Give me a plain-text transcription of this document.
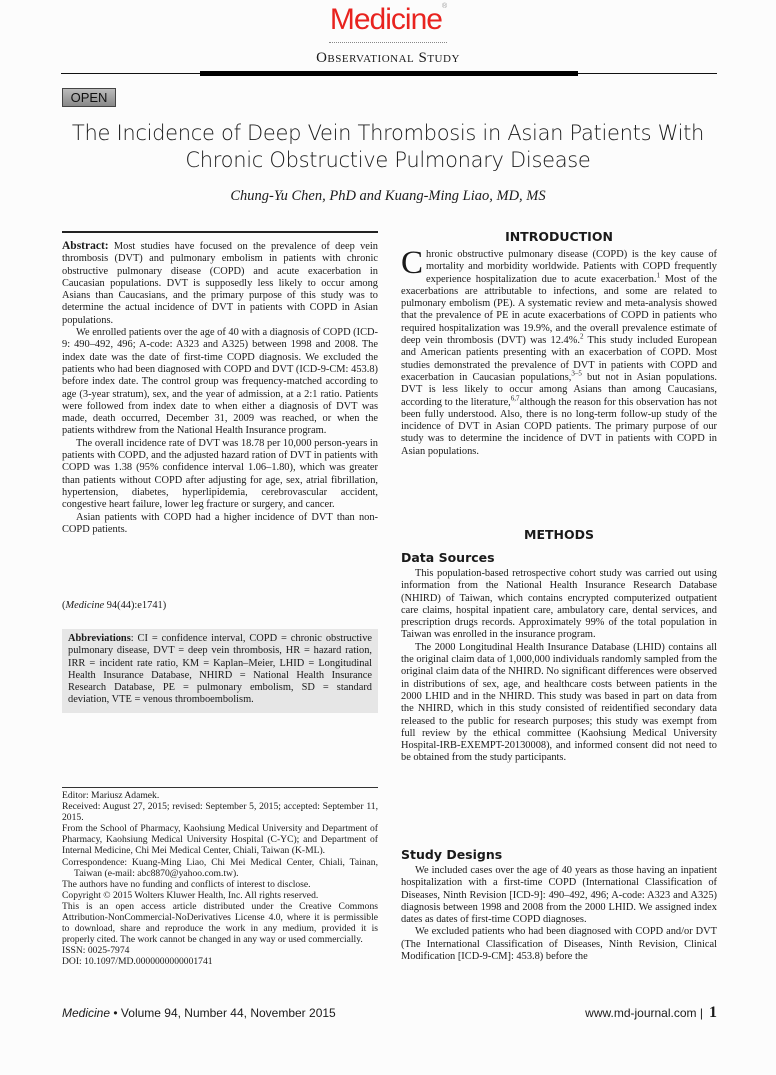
Medicine®
Observational Study
OPEN
The Incidence of Deep Vein Thrombosis in Asian Patients With Chronic Obstructive Pulmonary Disease
Chung-Yu Chen, PhD and Kuang-Ming Liao, MD, MS

Abstract: Most studies have focused on the prevalence of deep vein thrombosis (DVT) and pulmonary embolism in patients with chronic obstructive pulmonary disease (COPD) and acute exacerbation in Caucasian populations. DVT is supposedly less likely to occur among Asians than Caucasians, and the primary purpose of this study was to determine the actual incidence of DVT in patients with COPD in Asian populations.

We enrolled patients over the age of 40 with a diagnosis of COPD (ICD-9: 490–492, 496; A-code: A323 and A325) between 1998 and 2008. The index date was the date of first-time COPD diagnosis. We excluded the patients who had been diagnosed with COPD and DVT (ICD-9-CM: 453.8) before index date. The control group was frequency-matched according to age (3-year stratum), sex, and the year of admission, at a 2:1 ratio. Patients were followed from index date to when either a diagnosis of DVT was made, death occurred, December 31, 2009 was reached, or when the patients withdrew from the National Health Insurance program.

The overall incidence rate of DVT was 18.78 per 10,000 person-years in patients with COPD, and the adjusted hazard ration of DVT in patients with COPD was 1.38 (95% confidence interval 1.06–1.80), which was greater than patients without COPD after adjusting for age, sex, atrial fibrillation, hypertension, diabetes, hyperlipidemia, cerebrovascular accident, congestive heart failure, lower leg fracture or surgery, and cancer.

Asian patients with COPD had a higher incidence of DVT than non-COPD patients.

(Medicine 94(44):e1741)
Abbreviations: CI = confidence interval, COPD = chronic obstructive pulmonary disease, DVT = deep vein thrombosis, HR = hazard ration, IRR = incident rate ratio, KM = Kaplan–Meier, LHID = Longitudinal Health Insurance Database, NHIRD = National Health Insurance Research Database, PE = pulmonary embolism, SD = standard deviation, VTE = venous thromboembolism.
Editor: Mariusz Adamek.
Received: August 27, 2015; revised: September 5, 2015; accepted: September 11, 2015.
From the School of Pharmacy, Kaohsiung Medical University and Department of Pharmacy, Kaohsiung Medical University Hospital (C-YC); and Department of Internal Medicine, Chi Mei Medical Center, Chiali, Taiwan (K-ML).
Correspondence: Kuang-Ming Liao, Chi Mei Medical Center, Chiali, Tainan, Taiwan (e-mail: abc8870@yahoo.com.tw).
The authors have no funding and conflicts of interest to disclose.
Copyright © 2015 Wolters Kluwer Health, Inc. All rights reserved.
This is an open access article distributed under the Creative Commons Attribution-NonCommercial-NoDerivatives License 4.0, where it is permissible to download, share and reproduce the work in any medium, provided it is properly cited. The work cannot be changed in any way or used commercially.
ISSN: 0025-7974
DOI: 10.1097/MD.0000000000001741
INTRODUCTION

Chronic obstructive pulmonary disease (COPD) is the key cause of mortality and morbidity worldwide. Patients with COPD frequently experience hospitalization due to acute exacerbation.$^1$ Most of the exacerbations are attributable to infections, and some are related to pulmonary embolism (PE). A systematic review and meta-analysis showed that the prevalence of PE in acute exacerbations of COPD in patients who required hospitalization was 19.9%, and the overall prevalence estimate of deep vein thrombosis (DVT) was 12.4%.$^2$ This study included European and American patients presenting with an exacerbation of COPD. Most studies demonstrated the prevalence of DVT in patients with COPD and exacerbation in Caucasian populations,$^{3-5}$ but not in Asian populations. DVT is less likely to occur among Asians than among Caucasians, according to the literature,$^{6,7}$although the reason for this observation has not been fully understood. Also, there is no long-term follow-up study of the incidence of DVT in Asian COPD patients. The primary purpose of our study was to determine the incidence of DVT in patients with COPD in Asian populations.

METHODS
Data Sources

This population-based retrospective cohort study was carried out using information from the National Health Insurance Research Database (NHIRD) of Taiwan, which contains encrypted computerized outpatient care claims, hospital inpatient care, ambulatory care, dental services, and prescription drugs records. Approximately 99% of the total population in Taiwan was enrolled in the insurance program.

The 2000 Longitudinal Health Insurance Database (LHID) contains all the original claim data of 1,000,000 individuals randomly sampled from the original claim data of the NHIRD. No significant differences were observed in distributions of sex, age, and healthcare costs between patients in the 2000 LHID and in the NHIRD. This study was based in part on data from the NHIRD, which in this study consisted of reidentified secondary data released to the public for research purposes; this study was exempt from full review by the ethical committee (Kaohsiung Medical University Hospital-IRB-EXEMPT-20130008), and informed consent did not need to be obtained from the study participants.

Study Designs

We included cases over the age of 40 years as those having an inpatient hospitalization with a first-time COPD (International Classification of Diseases, Ninth Revision [ICD-9]: 490–492, 496; A-code: A323 and A325) diagnosis between 1998 and 2008 from the 2000 LHID. We assigned index dates as dates of first-time COPD diagnoses.

We excluded patients who had been diagnosed with COPD and/or DVT (The International Classification of Diseases, Ninth Revision, Clinical Modification [ICD-9-CM]: 453.8) before the

Medicine • Volume 94, Number 44, November 2015	www.md-journal.com | 1
